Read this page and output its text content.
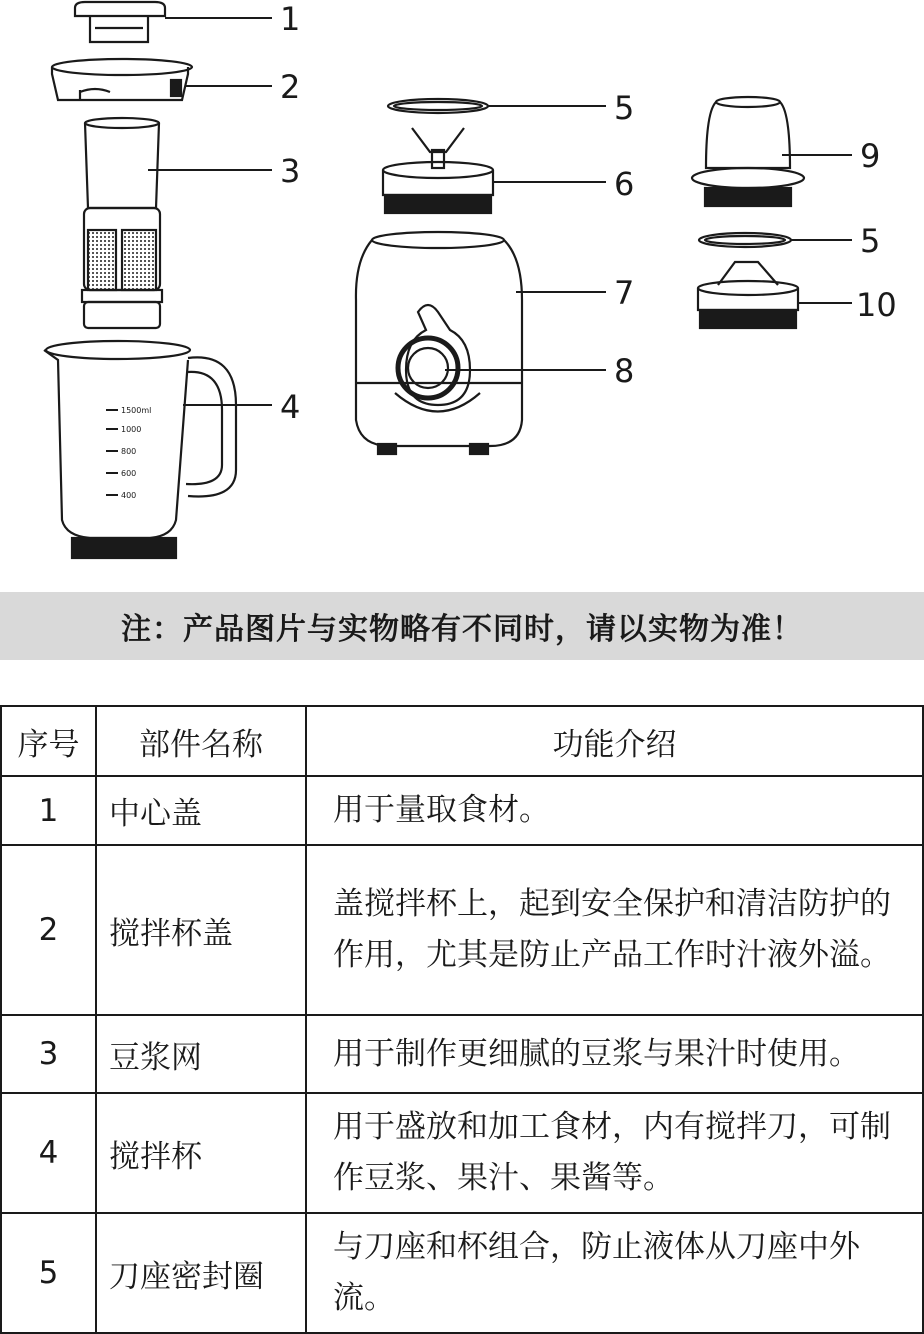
1500ml
1000
800
600
400
1
2
3
4
5
6
7
8
9
5
10
注：产品图片与实物略有不同时，请以实物为准！
序号	部件名称	功能介绍
1	中心盖	用于量取食材。
2	搅拌杯盖	盖搅拌杯上，起到安全保护和清洁防护的作用，尤其是防止产品工作时汁液外溢。
3	豆浆网	用于制作更细腻的豆浆与果汁时使用。
4	搅拌杯	用于盛放和加工食材，内有搅拌刀，可制作豆浆、果汁、果酱等。
5	刀座密封圈	与刀座和杯组合，防止液体从刀座中外流。
